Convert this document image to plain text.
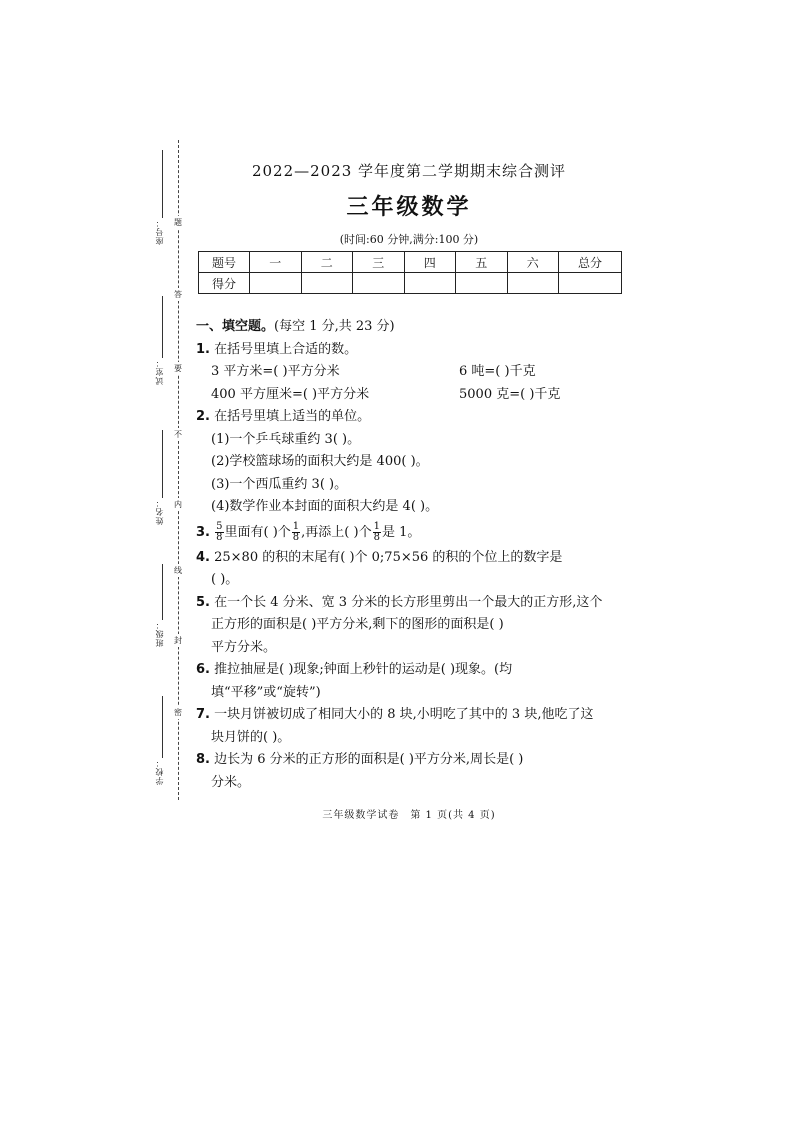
座号：
试室：
姓名：
班级：
学校：
题
答
要
不
内
线
封
密
2022—2023 学年度第二学期期末综合测评
三年级数学
(时间:60 分钟,满分:100 分)
题号	一	二	三	四	五	六	总分
得分							
一、填空题。(每空 1 分,共 23 分)
1. 在括号里填上合适的数。
3 平方米=( )平方分米	6 吨=( )千克
400 平方厘米=( )平方分米	5000 克=( )千克
2. 在括号里填上适当的单位。
(1)一个乒乓球重约 3( )。
(2)学校篮球场的面积大约是 400( )。
(3)一个西瓜重约 3( )。
(4)数学作业本封面的面积大约是 4( )。
3. $\frac{5}{8}$ 里面有( )个 $\frac{1}{8}$ ,再添上( )个 $\frac{1}{8}$ 是 1。
4. 25×80 的积的末尾有( )个 0;75×56 的积的个位上的数字是
( )。
5. 在一个长 4 分米、宽 3 分米的长方形里剪出一个最大的正方形,这个
正方形的面积是( )平方分米,剩下的图形的面积是( )
平方分米。
6. 推拉抽屉是( )现象;钟面上秒针的运动是( )现象。(均
填“平移”或“旋转”)
7. 一块月饼被切成了相同大小的 8 块,小明吃了其中的 3 块,他吃了这
块月饼的( )。
8. 边长为 6 分米的正方形的面积是( )平方分米,周长是( )
分米。
三年级数学试卷　第 1 页(共 4 页)
